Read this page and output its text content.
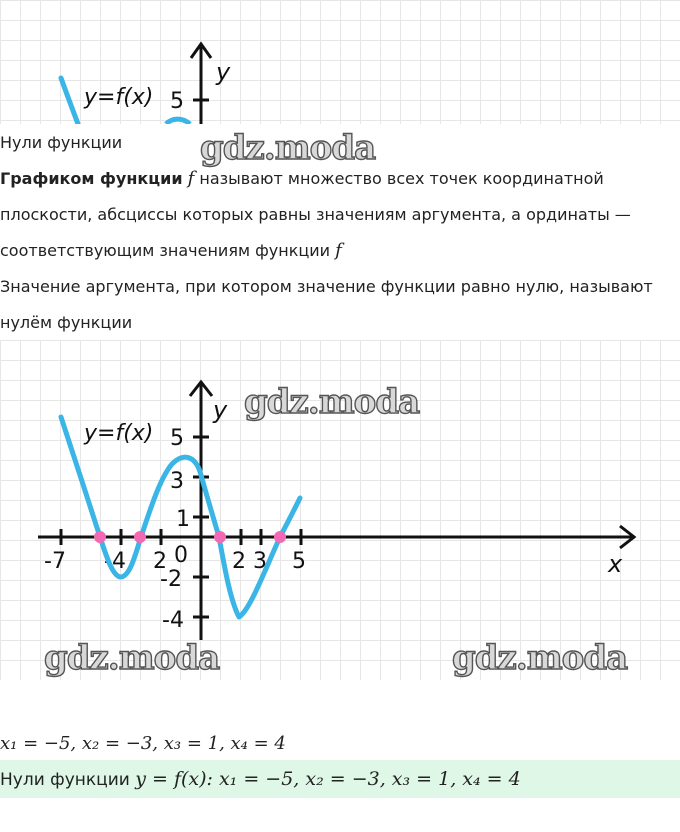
y
5
y=f(x)

Нули функции gdz.moda

Графиком функции f называют множество всех точек координатной

плоскости, абсциссы которых равны значениям аргумента, а ординаты —

соответствующим значениям функции f

Значение аргумента, при котором значение функции равно нулю, называют

нулём функции

y=f(x)
y
x
5
3
1
-2
-4
-7 -4 2 0 2 3 5
gdz.moda
gdz.moda	gdz.moda

x₁ = −5, x₂ = −3, x₃ = 1, x₄ = 4

Нули функции y = f(x): x₁ = −5, x₂ = −3, x₃ = 1, x₄ = 4
